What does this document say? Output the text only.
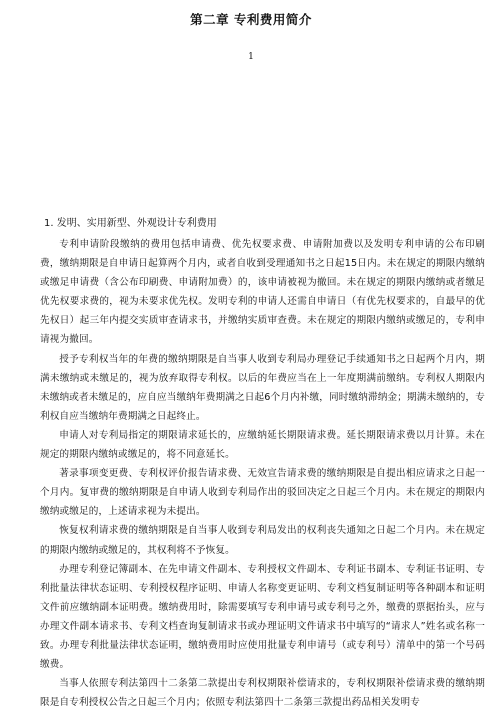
第二章 专利费用简介
1
1. 发明、实用新型、外观设计专利费用

专利申请阶段缴纳的费用包括申请费、优先权要求费、申请附加费以及发明专利申请的公布印刷费，缴纳期限是自申请日起算两个月内，或者自收到受理通知书之日起15日内。未在规定的期限内缴纳或缴足申请费（含公布印刷费、申请附加费）的，该申请被视为撤回。未在规定的期限内缴纳或者缴足优先权要求费的，视为未要求优先权。发明专利的申请人还需自申请日（有优先权要求的，自最早的优先权日）起三年内提交实质审查请求书，并缴纳实质审查费。未在规定的期限内缴纳或缴足的，专利申请视为撤回。

授予专利权当年的年费的缴纳期限是自当事人收到专利局办理登记手续通知书之日起两个月内，期满未缴纳或未缴足的，视为放弃取得专利权。以后的年费应当在上一年度期满前缴纳。专利权人期限内未缴纳或者未缴足的，应自应当缴纳年费期满之日起6个月内补缴，同时缴纳滞纳金；期满未缴纳的，专利权自应当缴纳年费期满之日起终止。

申请人对专利局指定的期限请求延长的，应缴纳延长期限请求费。延长期限请求费以月计算。未在规定的期限内缴纳或缴足的，将不同意延长。

著录事项变更费、专利权评价报告请求费、无效宣告请求费的缴纳期限是自提出相应请求之日起一个月内。复审费的缴纳期限是自申请人收到专利局作出的驳回决定之日起三个月内。未在规定的期限内缴纳或缴足的，上述请求视为未提出。

恢复权利请求费的缴纳期限是自当事人收到专利局发出的权利丧失通知之日起二个月内。未在规定的期限内缴纳或缴足的，其权利将不予恢复。

办理专利登记簿副本、在先申请文件副本、专利授权文件副本、专利证书副本、专利证书证明、专利批量法律状态证明、专利授权程序证明、申请人名称变更证明、专利文档复制证明等各种副本和证明文件前应缴纳副本证明费。缴纳费用时，除需要填写专利申请号或专利号之外，缴费的票据抬头，应与办理文件副本请求书、专利文档查询复制请求书或办理证明文件请求书中填写的“请求人”姓名或名称一致。办理专利批量法律状态证明，缴纳费用时应使用批量专利申请号（或专利号）清单中的第一个号码缴费。

当事人依照专利法第四十二条第二款提出专利权期限补偿请求的，专利权期限补偿请求费的缴纳期限是自专利授权公告之日起三个月内；依照专利法第四十二条第三款提出药品相关发明专
